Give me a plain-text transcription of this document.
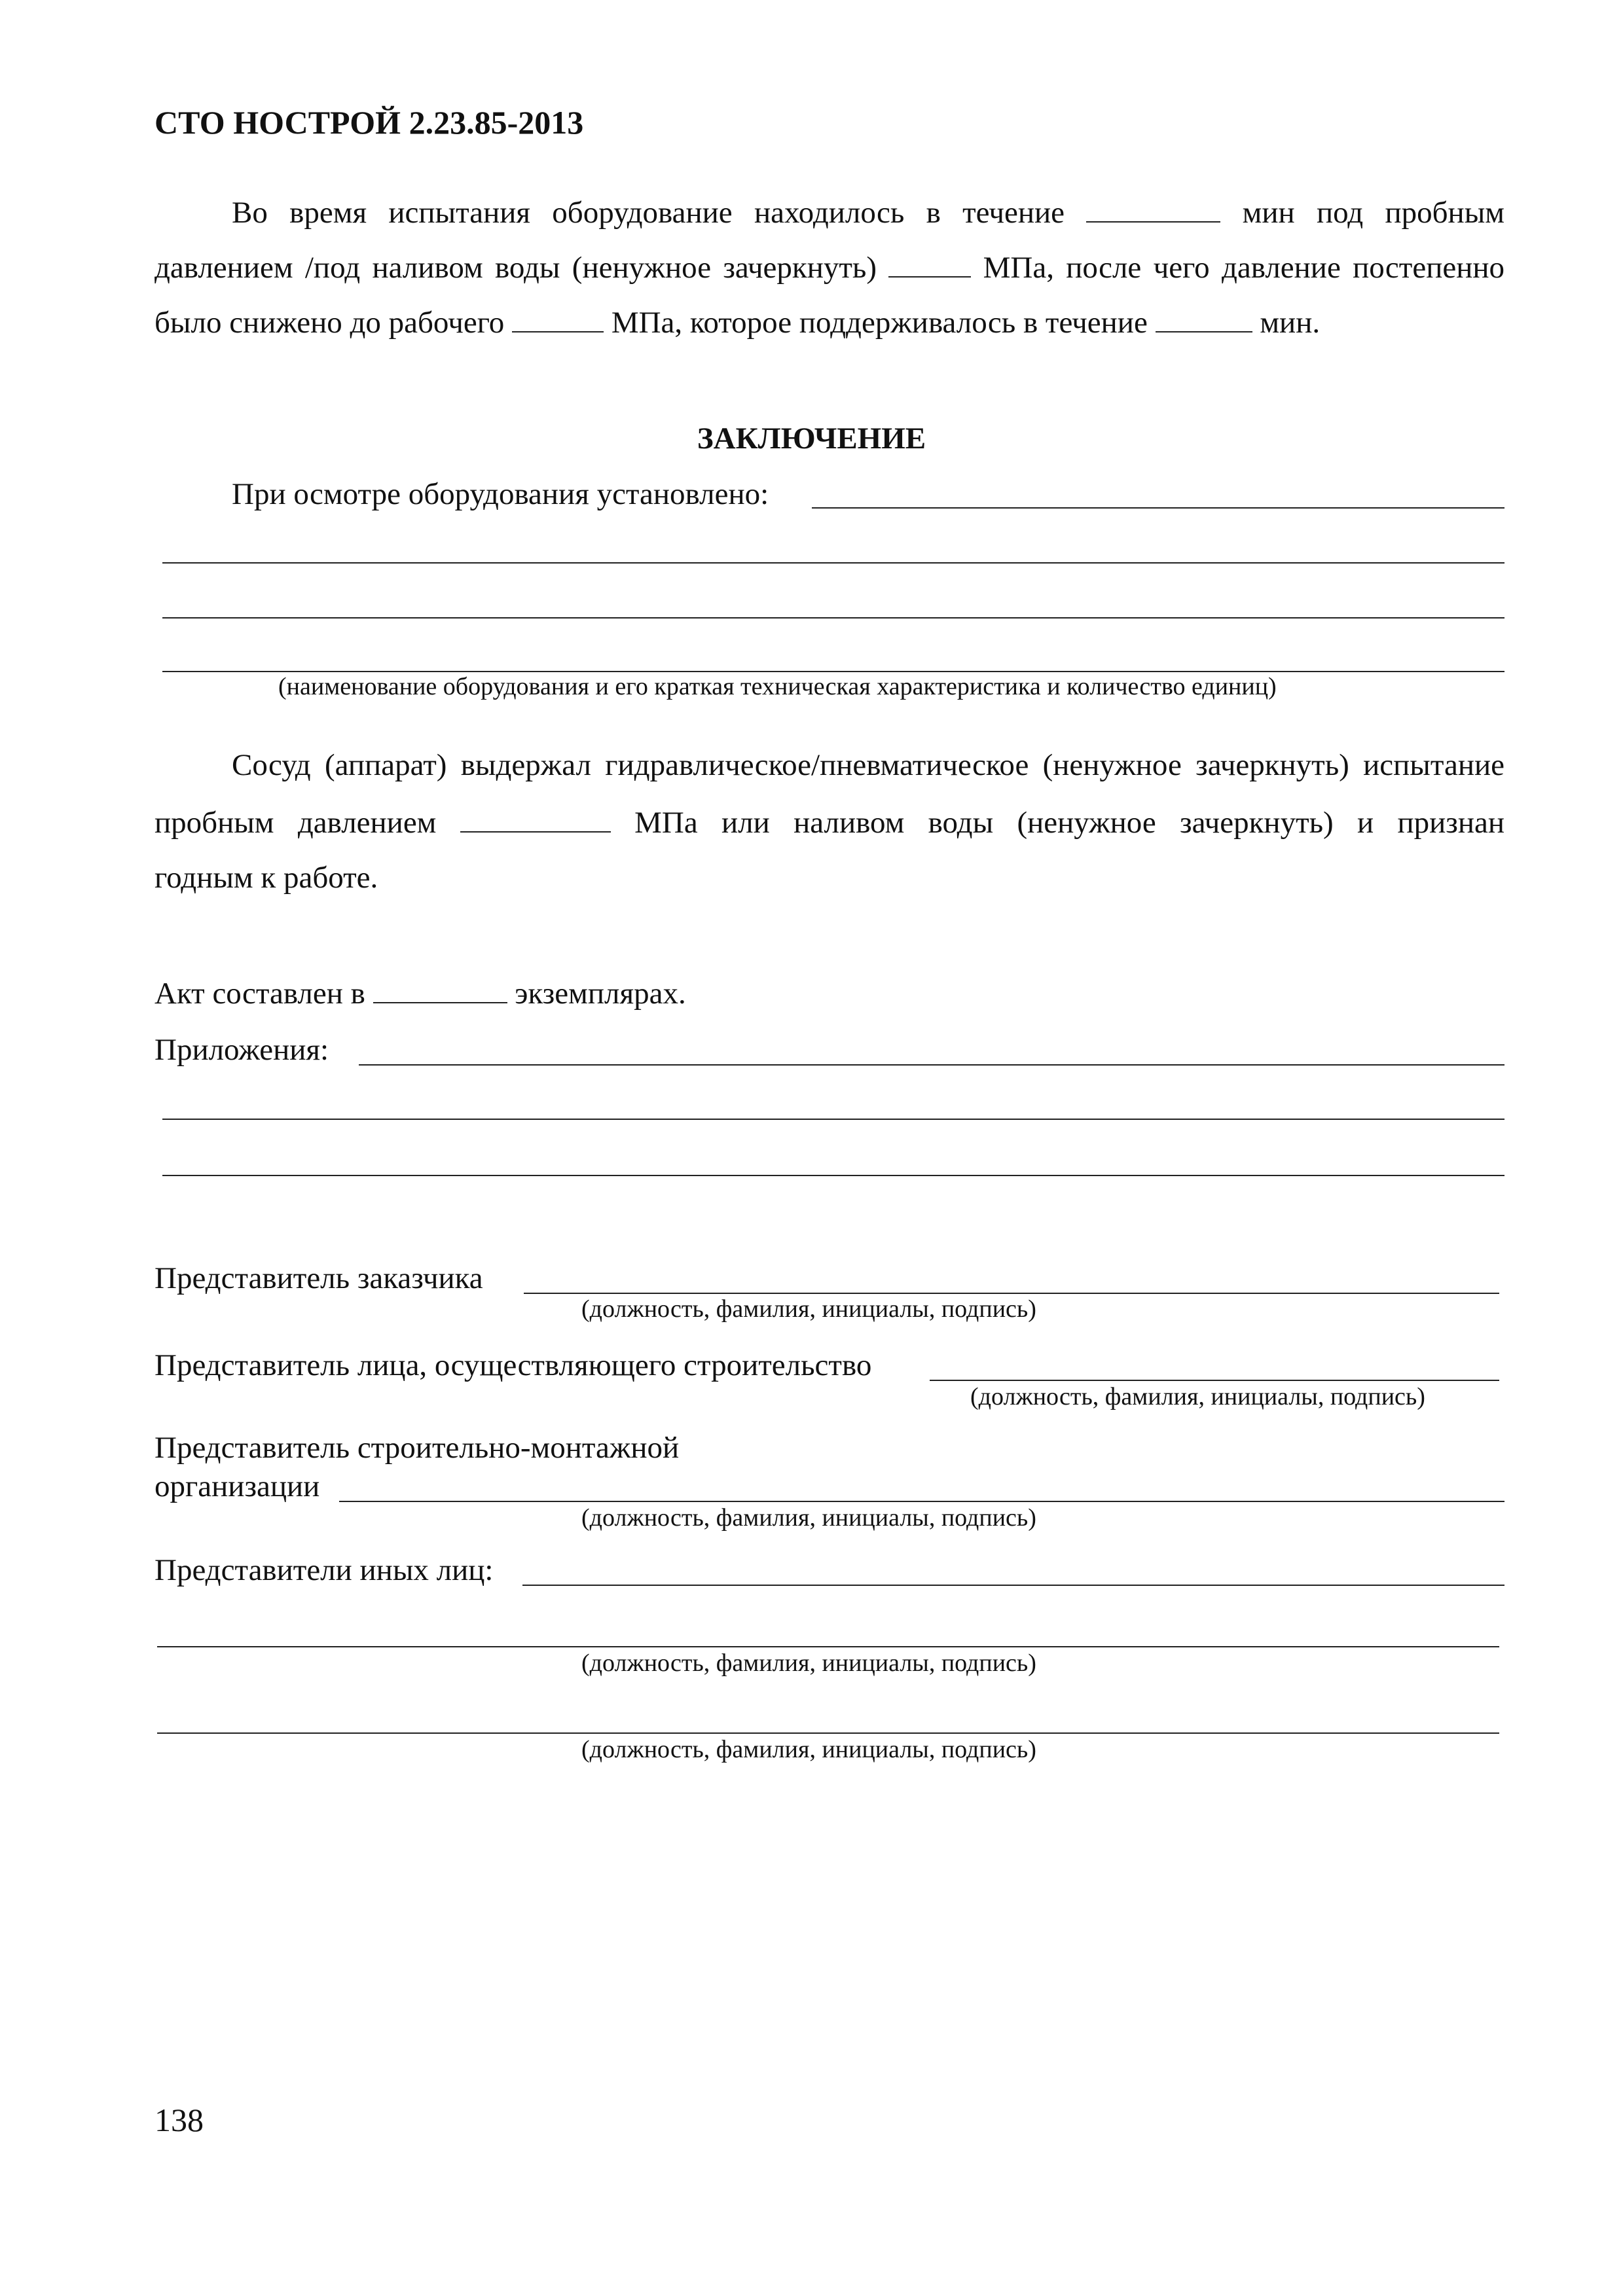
СТО НОСТРОЙ 2.23.85-2013
Во время испытания оборудование находилось в течение	мин под пробным
давлением /под наливом воды (ненужное зачеркнуть)	МПа, после чего давление постепенно
было снижено до рабочего	МПа, которое поддерживалось в течение	мин.
ЗАКЛЮЧЕНИЕ
При осмотре оборудования установлено:
(наименование оборудования и его краткая техническая характеристика и количество единиц)
Сосуд (аппарат) выдержал гидравлическое/пневматическое (ненужное зачеркнуть) испытание
пробным давлением	МПа или наливом воды (ненужное зачеркнуть) и признан
годным к работе.
Акт составлен в	экземплярах.
Приложения:
Представитель заказчика
(должность, фамилия, инициалы, подпись)
Представитель лица, осуществляющего строительство
(должность, фамилия, инициалы, подпись)
Представитель строительно-монтажной
организации
(должность, фамилия, инициалы, подпись)
Представители иных лиц:
(должность, фамилия, инициалы, подпись)
(должность, фамилия, инициалы, подпись)
138
